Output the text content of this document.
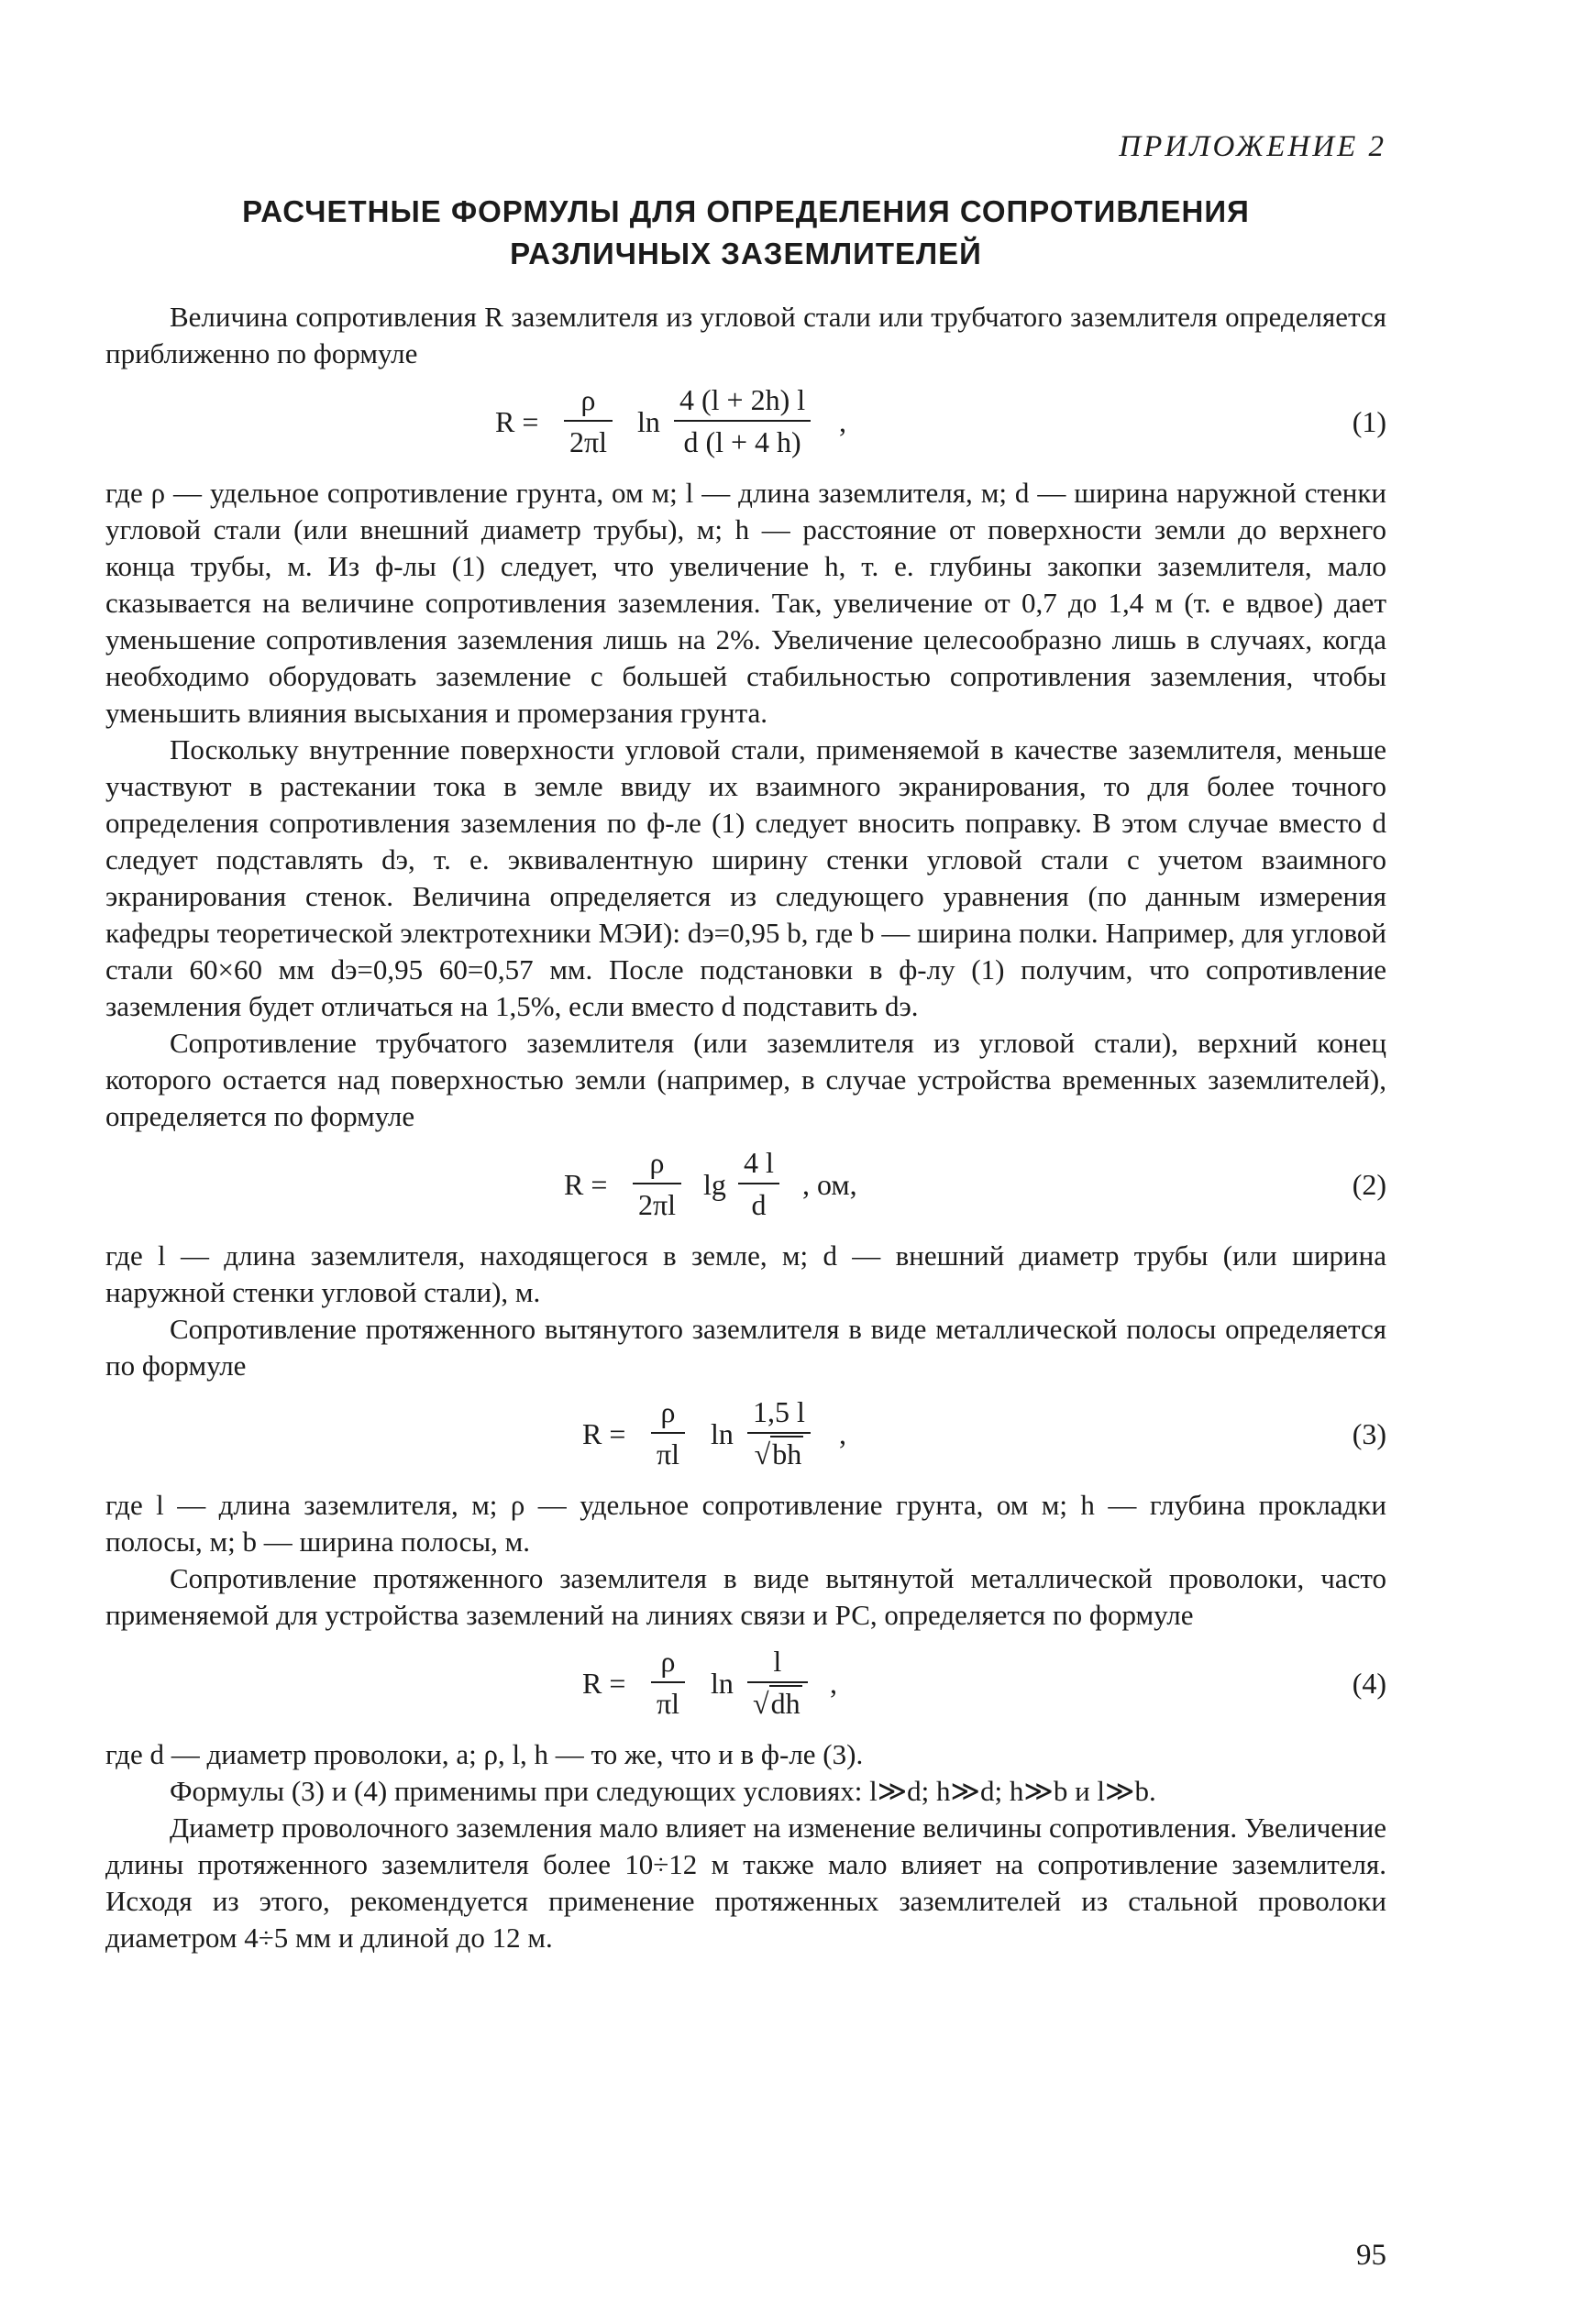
ПРИЛОЖЕНИЕ 2
РАСЧЕТНЫЕ ФОРМУЛЫ ДЛЯ ОПРЕДЕЛЕНИЯ СОПРОТИВЛЕНИЯ
РАЗЛИЧНЫХ ЗАЗЕМЛИТЕЛЕЙ

Величина сопротивления R заземлителя из угловой стали или трубчатого заземлителя определяется приближенно по формуле

$R = \frac{\rho}{2\pi l}$ $\ln \frac{4 (l + 2h) l}{d (l + 4 h)}$ ,	(1)

где ρ — удельное сопротивление грунта, ом м; l — длина заземлителя, м; d — ширина наружной стенки угловой стали (или внешний диаметр трубы), м; h — расстояние от поверхности земли до верхнего конца трубы, м. Из ф-лы (1) следует, что увеличение h, т. е. глубины закопки заземлителя, мало сказывается на величине сопротивления заземления. Так, увеличение от 0,7 до 1,4 м (т. е вдвое) дает уменьшение сопротивления заземления лишь на 2%. Увеличение целесообразно лишь в случаях, когда необходимо оборудовать заземление с большей стабильностью сопротивления заземления, чтобы уменьшить влияния высыхания и промерзания грунта.

Поскольку внутренние поверхности угловой стали, применяемой в качестве заземлителя, меньше участвуют в растекании тока в земле ввиду их взаимного экранирования, то для более точного определения сопротивления заземления по ф-ле (1) следует вносить поправку. В этом случае вместо d следует подставлять dэ, т. е. эквивалентную ширину стенки угловой стали с учетом взаимного экранирования стенок. Величина определяется из следующего уравнения (по данным измерения кафедры теоретической электротехники МЭИ): dэ=0,95 b, где b — ширина полки. Например, для угловой стали 60×60 мм dэ=0,95 60=0,57 мм. После подстановки в ф-лу (1) получим, что сопротивление заземления будет отличаться на 1,5%, если вместо d подставить dэ.

Сопротивление трубчатого заземлителя (или заземлителя из угловой стали), верхний конец которого остается над поверхностью земли (например, в случае устройства временных заземлителей), определяется по формуле

$R = \frac{\rho}{2\pi l}$ $\lg \frac{4 l}{d}$ , ом,	(2)

где l — длина заземлителя, находящегося в земле, м; d — внешний диаметр трубы (или ширина наружной стенки угловой стали), м.

Сопротивление протяженного вытянутого заземлителя в виде металлической полосы определяется по формуле

$R = \frac{\rho}{\pi l}$ $\ln \frac{1,5 l}{√bh}$ ,	(3)

где l — длина заземлителя, м; ρ — удельное сопротивление грунта, ом м; h — глубина прокладки полосы, м; b — ширина полосы, м.

Сопротивление протяженного заземлителя в виде вытянутой металлической проволоки, часто применяемой для устройства заземлений на линиях связи и РС, определяется по формуле

$R = \frac{\rho}{\pi l}$ $\ln \frac{l}{√dh}$ ,	(4)

где d — диаметр проволоки, а; ρ, l, h — то же, что и в ф-ле (3).

Формулы (3) и (4) применимы при следующих условиях: l≫d; h≫d; h≫b и l≫b.

Диаметр проволочного заземления мало влияет на изменение величины сопротивления. Увеличение длины протяженного заземлителя более 10÷12 м также мало влияет на сопротивление заземлителя. Исходя из этого, рекомендуется применение протяженных заземлителей из стальной проволоки диаметром 4÷5 мм и длиной до 12 м.

95
